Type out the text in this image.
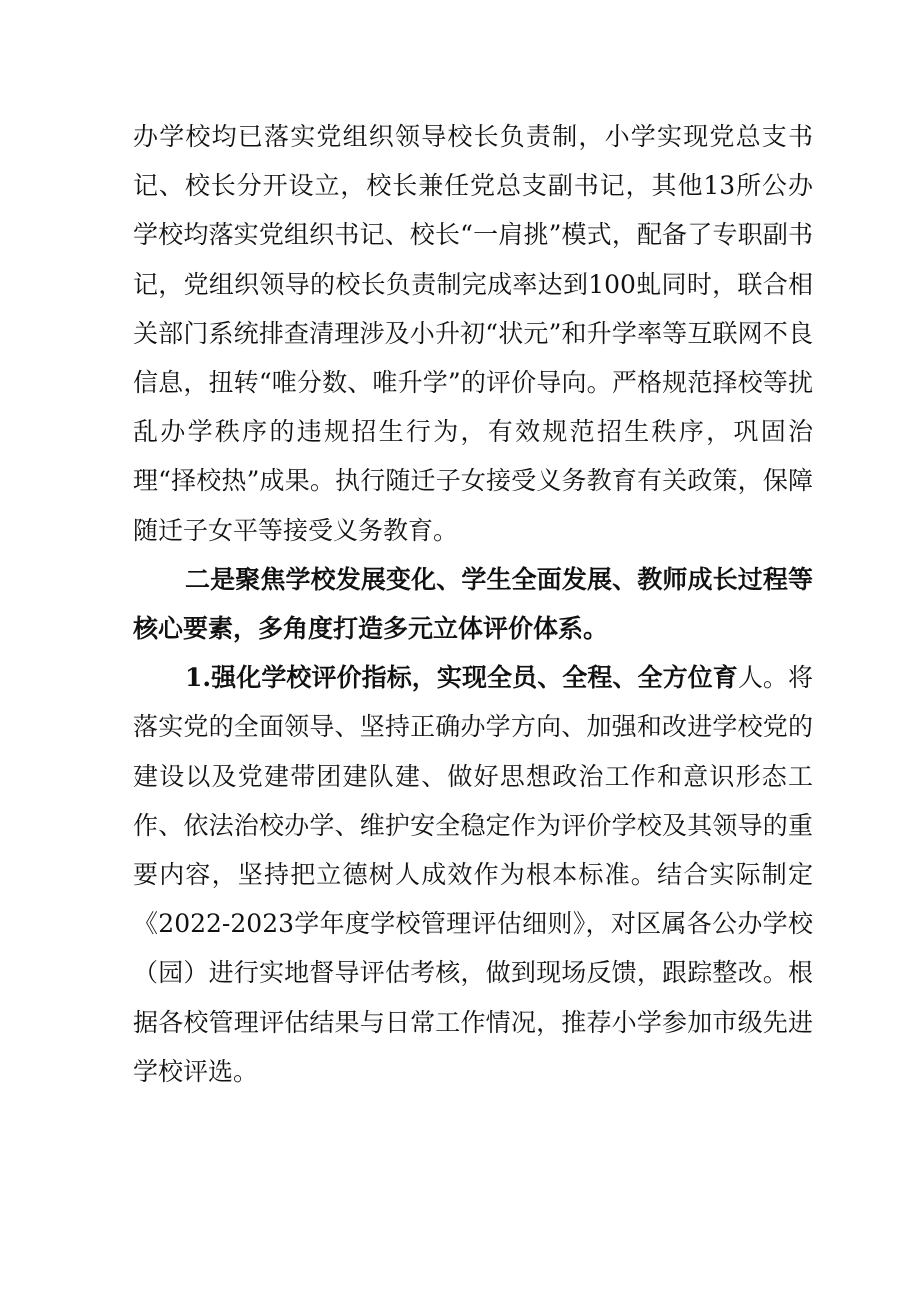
办学校均已落实党组织领导校长负责制，小学实现党总支书记、校长分开设立，校长兼任党总支副书记，其他13所公办学校均落实党组织书记、校长“一肩挑”模式，配备了专职副书记，党组织领导的校长负责制完成率达到100虬同时，联合相关部门系统排查清理涉及小升初“状元”和升学率等互联网不良信息，扭转“唯分数、唯升学”的评价导向。严格规范择校等扰乱办学秩序的违规招生行为，有效规范招生秩序，巩固治理“择校热”成果。执行随迁子女接受义务教育有关政策，保障随迁子女平等接受义务教育。

二是聚焦学校发展变化、学生全面发展、教师成长过程等核心要素，多角度打造多元立体评价体系。

1.强化学校评价指标，实现全员、全程、全方位育人。将落实党的全面领导、坚持正确办学方向、加强和改进学校党的建设以及党建带团建队建、做好思想政治工作和意识形态工作、依法治校办学、维护安全稳定作为评价学校及其领导的重要内容，坚持把立德树人成效作为根本标准。结合实际制定《2022-2023学年度学校管理评估细则》，对区属各公办学校（园）进行实地督导评估考核，做到现场反馈，跟踪整改。根据各校管理评估结果与日常工作情况，推荐小学参加市级先进学校评选。
